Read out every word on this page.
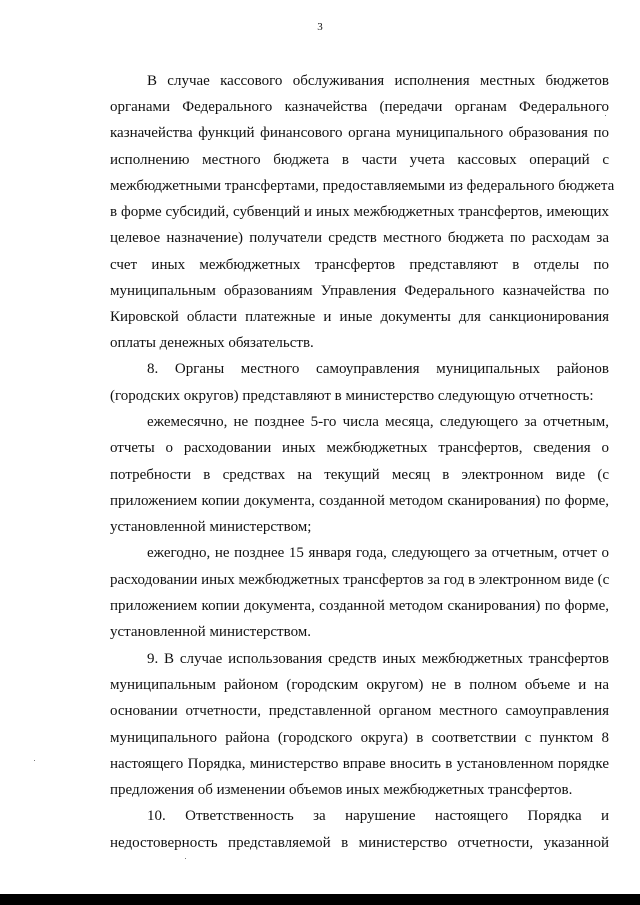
3
В случае кассового обслуживания исполнения местных бюджетов
органами Федерального казначейства (передачи органам Федерального
казначейства функций финансового органа муниципального образования по
исполнению местного бюджета в части учета кассовых операций с
межбюджетными трансфертами, предоставляемыми из федерального бюджета
в форме субсидий, субвенций и иных межбюджетных трансфертов, имеющих
целевое назначение) получатели средств местного бюджета по расходам за
счет иных межбюджетных трансфертов представляют в отделы по
муниципальным образованиям Управления Федерального казначейства по
Кировской области платежные и иные документы для санкционирования
оплаты денежных обязательств.
8. Органы местного самоуправления муниципальных районов
(городских округов) представляют в министерство следующую отчетность:
ежемесячно, не позднее 5-го числа месяца, следующего за отчетным,
отчеты о расходовании иных межбюджетных трансфертов, сведения о
потребности в средствах на текущий месяц в электронном виде (с
приложением копии документа, созданной методом сканирования) по форме,
установленной министерством;
ежегодно, не позднее 15 января года, следующего за отчетным, отчет о
расходовании иных межбюджетных трансфертов за год в электронном виде (с
приложением копии документа, созданной методом сканирования) по форме,
установленной министерством.
9. В случае использования средств иных межбюджетных трансфертов
муниципальным районом (городским округом) не в полном объеме и на
основании отчетности, представленной органом местного самоуправления
муниципального района (городского округа) в соответствии с пунктом 8
настоящего Порядка, министерство вправе вносить в установленном порядке
предложения об изменении объемов иных межбюджетных трансфертов.
10. Ответственность за нарушение настоящего Порядка и
недостоверность представляемой в министерство отчетности, указанной
